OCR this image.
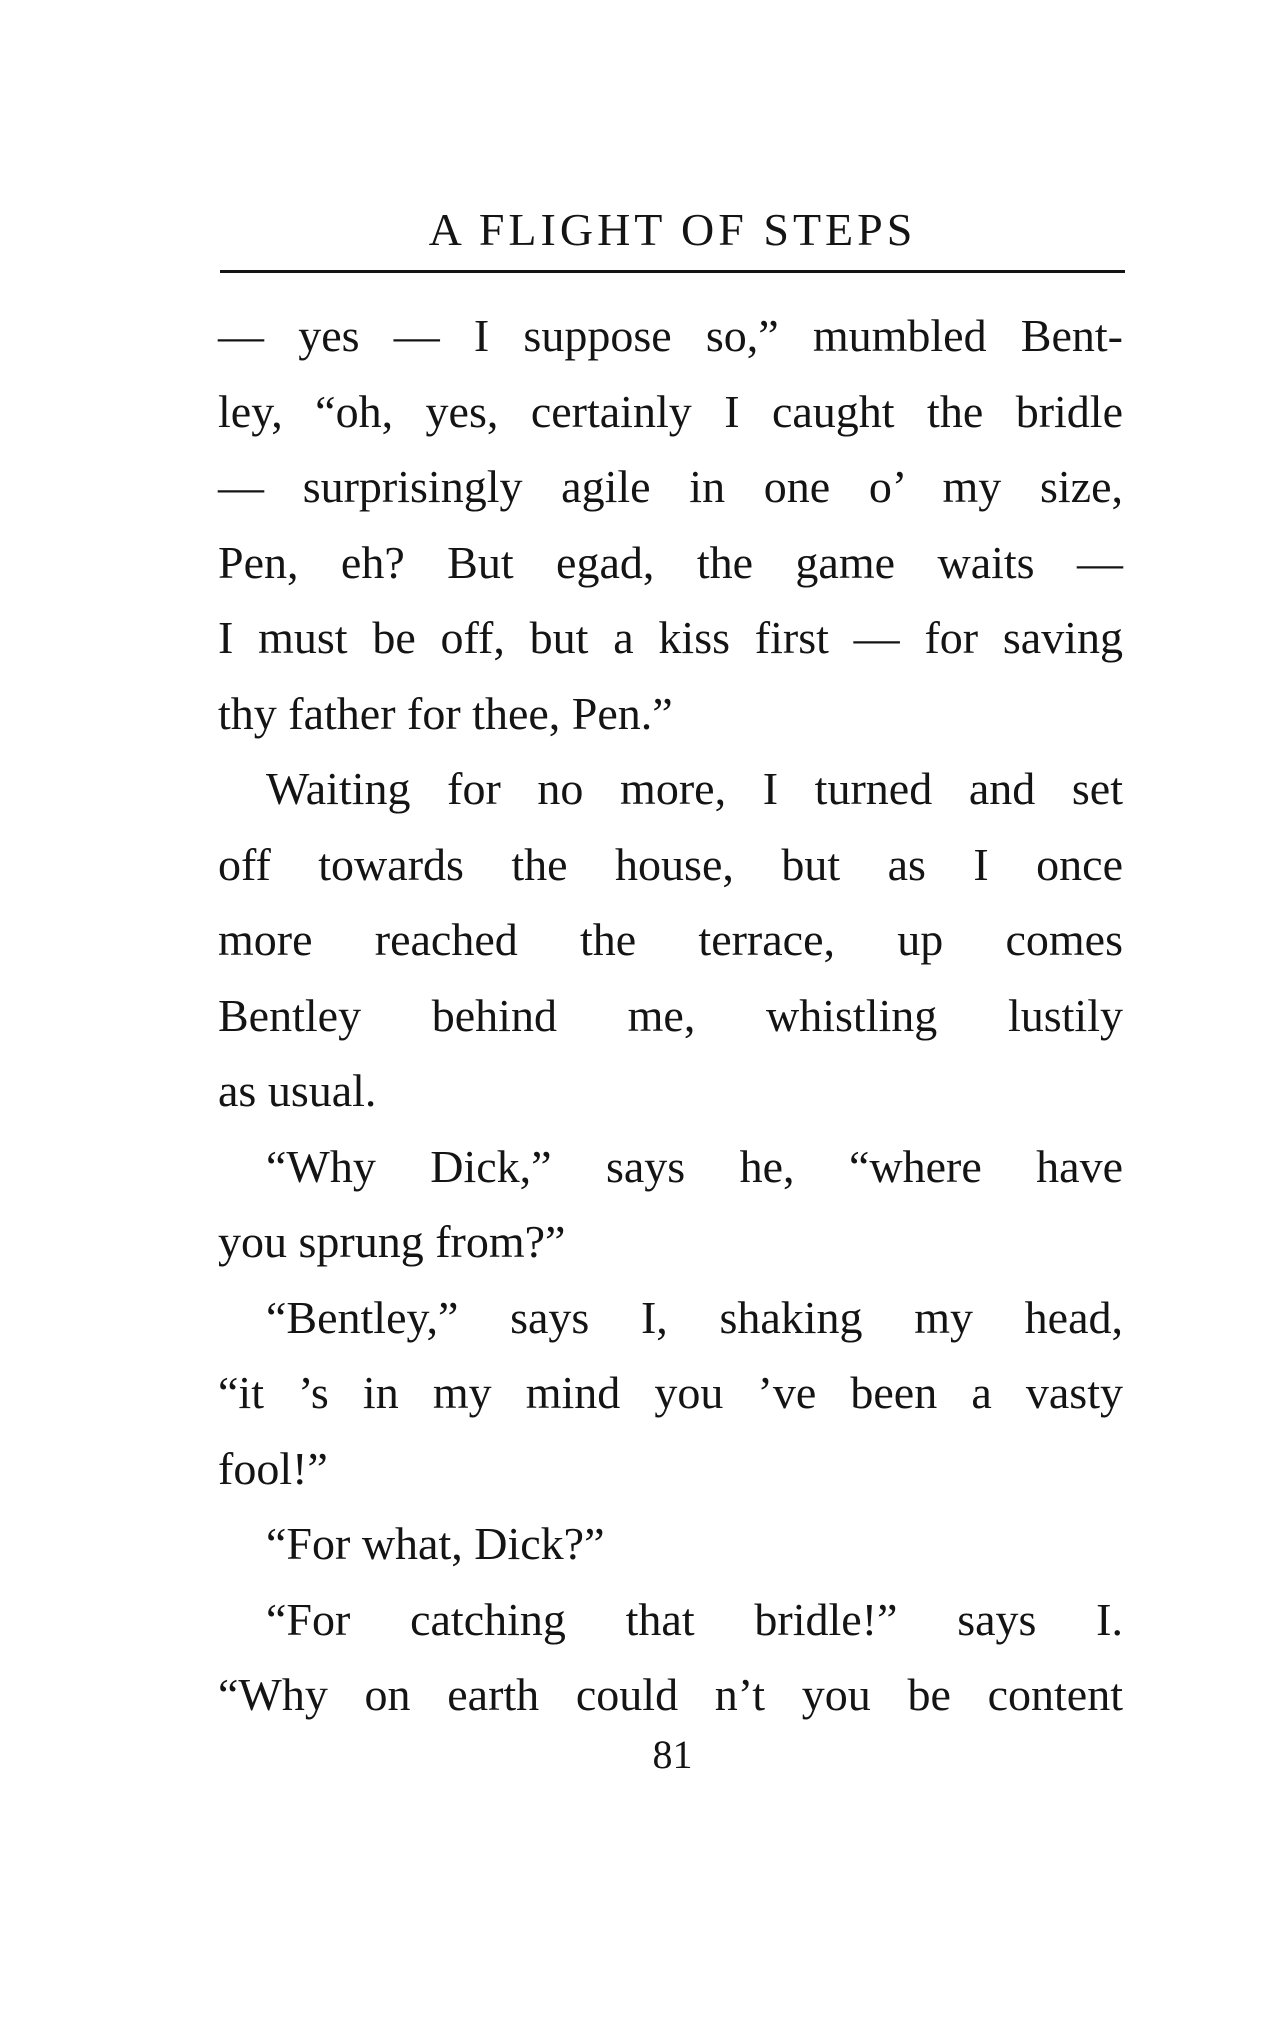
A FLIGHT OF STEPS
— yes — I suppose so,” mumbled Bent-
ley, “oh, yes, certainly I caught the bridle
— surprisingly agile in one o’ my size,
Pen, eh? But egad, the game waits —
I must be off, but a kiss first — for saving
thy father for thee, Pen.”
Waiting for no more, I turned and set
off towards the house, but as I once
more reached the terrace, up comes
Bentley behind me, whistling lustily
as usual.
“Why Dick,” says he, “where have
you sprung from?”
“Bentley,” says I, shaking my head,
“it ’s in my mind you ’ve been a vasty
fool!”
“For what, Dick?”
“For catching that bridle!” says I.
“Why on earth could n’t you be content
81
